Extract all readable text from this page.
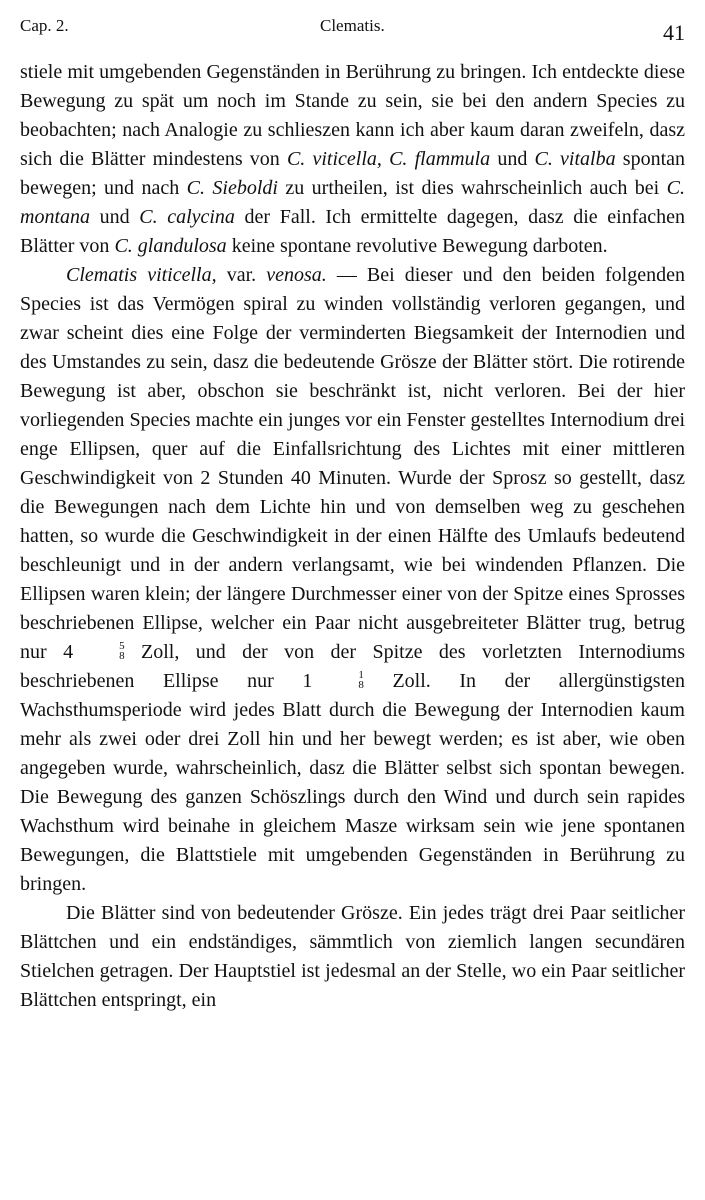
Cap. 2.	Clematis.	41

stiele mit umgebenden Gegenständen in Berührung zu bringen. Ich entdeckte diese Bewegung zu spät um noch im Stande zu sein, sie bei den andern Species zu beobachten; nach Analogie zu schlieszen kann ich aber kaum daran zweifeln, dasz sich die Blätter mindestens von C. viticella, C. flammula und C. vitalba spontan bewegen; und nach C. Sieboldi zu urtheilen, ist dies wahrscheinlich auch bei C. montana und C. calycina der Fall. Ich ermittelte dagegen, dasz die einfachen Blätter von C. glandulosa keine spontane revolutive Bewegung darboten.

Clematis viticella, var. venosa. — Bei dieser und den beiden folgenden Species ist das Vermögen spiral zu winden vollständig verloren gegangen, und zwar scheint dies eine Folge der verminderten Biegsamkeit der Internodien und des Umstandes zu sein, dasz die bedeutende Grösze der Blätter stört. Die rotirende Bewegung ist aber, obschon sie beschränkt ist, nicht verloren. Bei der hier vorliegenden Species machte ein junges vor ein Fenster gestelltes Internodium drei enge Ellipsen, quer auf die Einfallsrichtung des Lichtes mit einer mittleren Geschwindigkeit von 2 Stunden 40 Minuten. Wurde der Sprosz so gestellt, dasz die Bewegungen nach dem Lichte hin und von demselben weg zu geschehen hatten, so wurde die Geschwindigkeit in der einen Hälfte des Umlaufs bedeutend beschleunigt und in der andern verlangsamt, wie bei windenden Pflanzen. Die Ellipsen waren klein; der längere Durchmesser einer von der Spitze eines Sprosses beschriebenen Ellipse, welcher ein Paar nicht ausgebreiteter Blätter trug, betrug nur 4	5
8 Zoll, und der von der Spitze des vorletzten Internodiums beschriebenen Ellipse nur 1	1
8 Zoll. In der allergünstigsten Wachsthumsperiode wird jedes Blatt durch die Bewegung der Internodien kaum mehr als zwei oder drei Zoll hin und her bewegt werden; es ist aber, wie oben angegeben wurde, wahrscheinlich, dasz die Blätter selbst sich spontan bewegen. Die Bewegung des ganzen Schöszlings durch den Wind und durch sein rapides Wachsthum wird beinahe in gleichem Masze wirksam sein wie jene spontanen Bewegungen, die Blattstiele mit umgebenden Gegenständen in Berührung zu bringen.

Die Blätter sind von bedeutender Grösze. Ein jedes trägt drei Paar seitlicher Blättchen und ein endständiges, sämmtlich von ziemlich langen secundären Stielchen getragen. Der Hauptstiel ist jedesmal an der Stelle, wo ein Paar seitlicher Blättchen entspringt, ein
